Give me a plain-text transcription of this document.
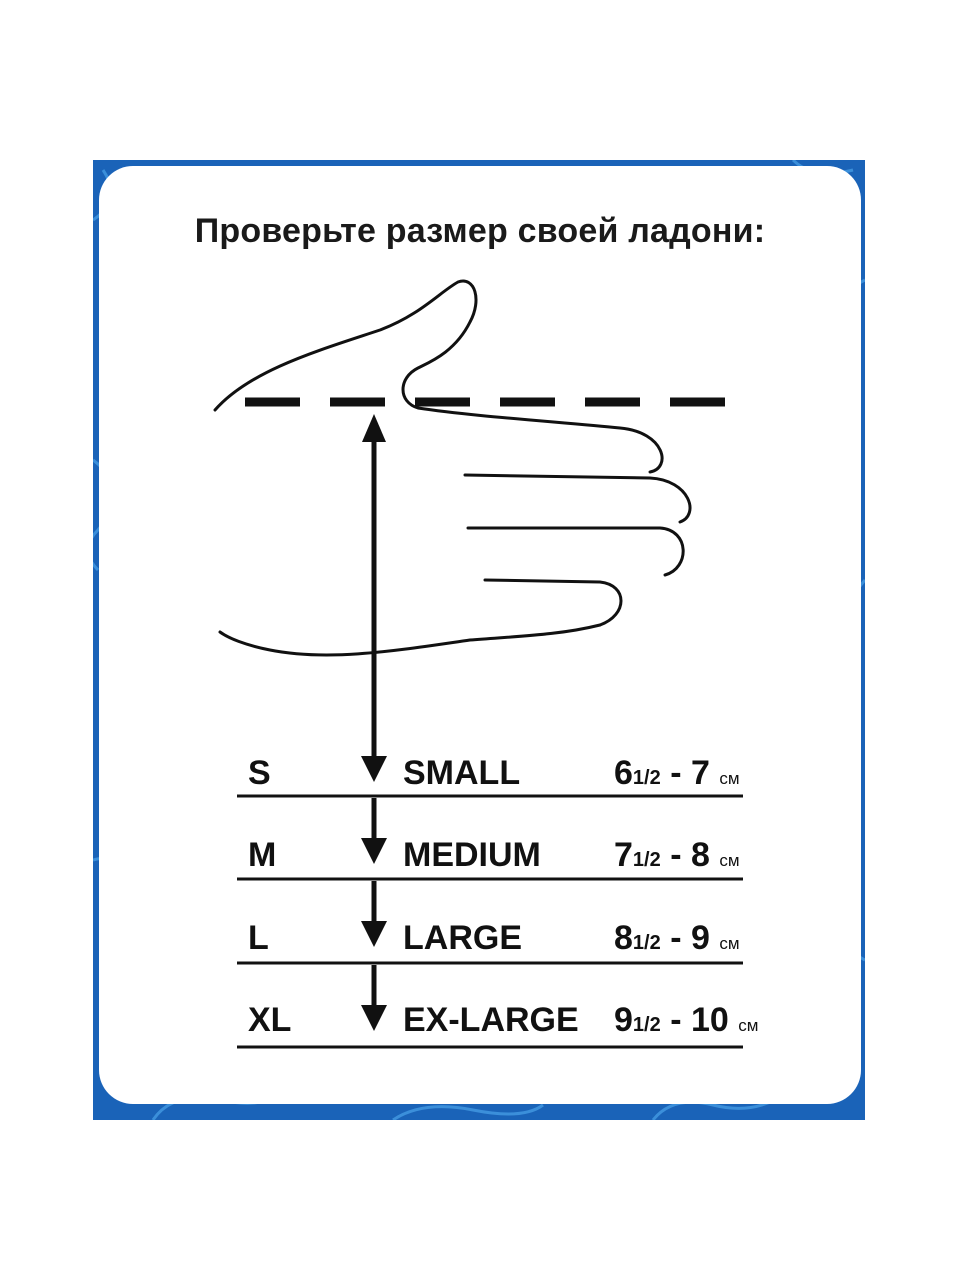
Проверьте размер своей ладони:
S	SMALL	61/2 - 7 см
M	MEDIUM 71/2 - 8 см
L	LARGE	81/2 - 9 см
XL	EX-LARGE 91/2 - 10 см
